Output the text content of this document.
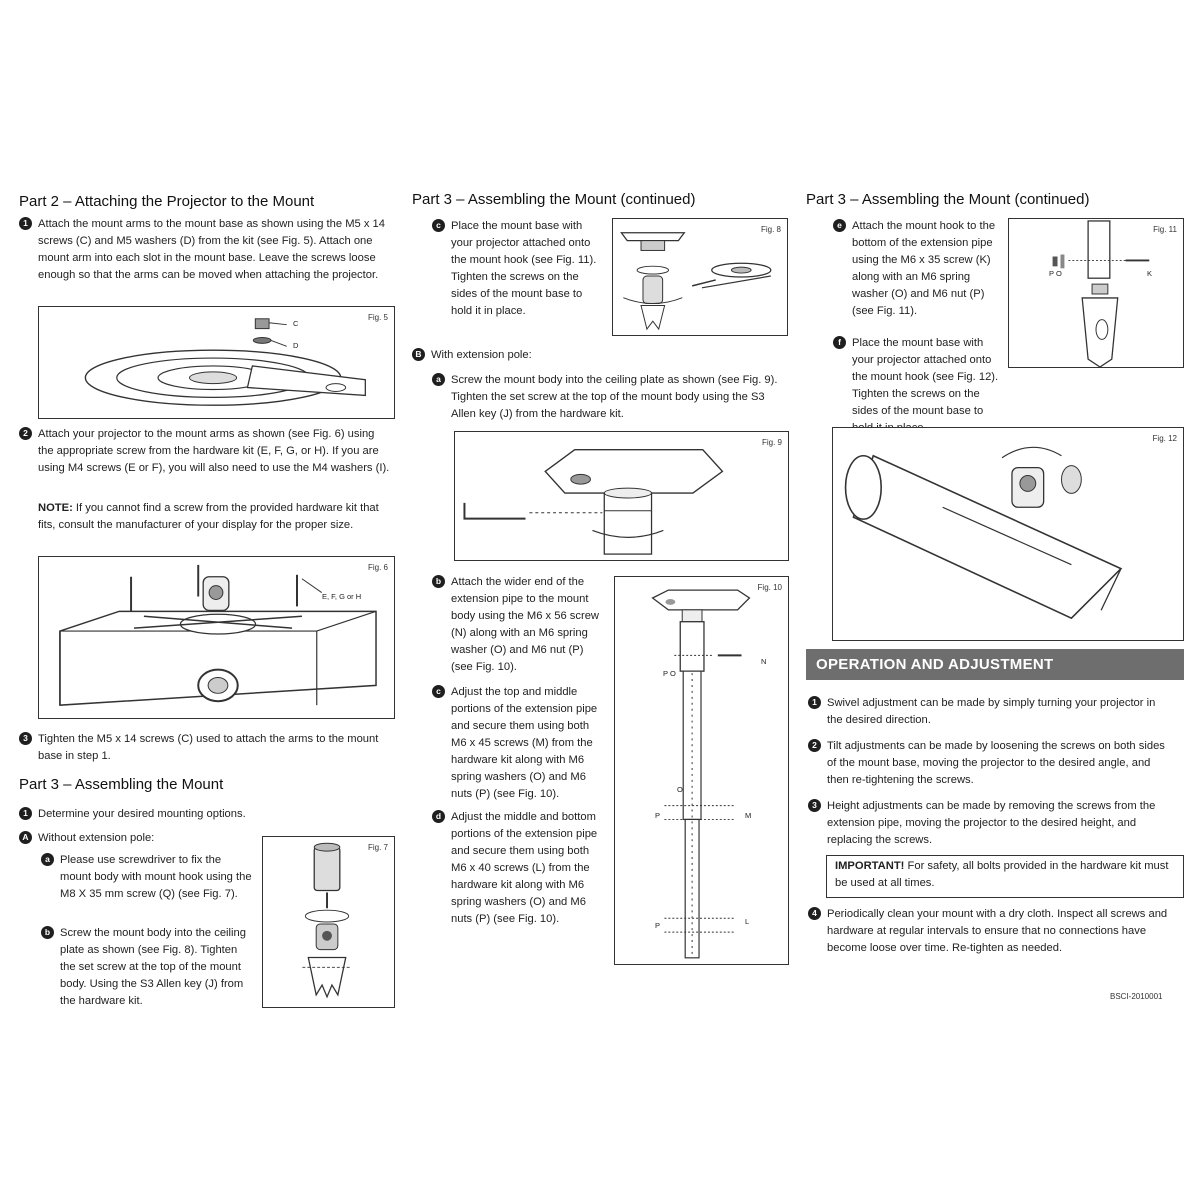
Part 2 – Attaching the Projector to the Mount
1 Attach the mount arms to the mount base as shown using the M5 x 14 screws (C) and M5 washers (D) from the kit (see Fig. 5). Attach one mount arm into each slot in the mount base. Leave the screws loose enough so that the arms can be moved when attaching the projector.
Fig. 5
C
D
2 Attach your projector to the mount arms as shown (see Fig. 6) using the appropriate screw from the hardware kit (E, F, G, or H). If you are using M4 screws (E or F), you will also need to use the M4 washers (I).
NOTE: If you cannot find a screw from the provided hardware kit that fits, consult the manufacturer of your display for the proper size.
Fig. 6
E, F, G or H
3 Tighten the M5 x 14 screws (C) used to attach the arms to the mount base in step 1.
Part 3 – Assembling the Mount
1 Determine your desired mounting options.
A Without extension pole:
a Please use screwdriver to fix the mount body with mount hook using the M8 X 35 mm screw (Q) (see Fig. 7).
b Screw the mount body into the ceiling plate as shown (see Fig. 8). Tighten the set screw at the top of the mount body. Using the S3 Allen key (J) from the hardware kit.
Fig. 7
Part 3 – Assembling the Mount (continued)
c Place the mount base with your projector attached onto the mount hook (see Fig. 11). Tighten the screws on the sides of the mount base to hold it in place.
Fig. 8
B With extension pole:
a Screw the mount body into the ceiling plate as shown (see Fig. 9). Tighten the set screw at the top of the mount body using the S3 Allen key (J) from the hardware kit.
Fig. 9
b Attach the wider end of the extension pipe to the mount body using the M6 x 56 screw (N) along with an M6 spring washer (O) and M6 nut (P) (see Fig. 10).
c Adjust the top and middle portions of the extension pipe and secure them using both M6 x 45 screws (M) from the hardware kit along with M6 spring washers (O) and M6 nuts (P) (see Fig. 10).
d Adjust the middle and bottom portions of the extension pipe and secure them using both M6 x 40 screws (L) from the hardware kit along with M6 spring washers (O) and M6 nuts (P) (see Fig. 10).
Fig. 10
N
P O
O
P	M
P	L
Part 3 – Assembling the Mount (continued)
e Attach the mount hook to the bottom of the extension pipe using the M6 x 35 screw (K) along with an M6 spring washer (O) and M6 nut (P) (see Fig. 11).
Fig. 11
K
P O
f Place the mount base with your projector attached onto the mount hook (see Fig. 12). Tighten the screws on the sides of the mount base to
Fig. 12
OPERATION AND ADJUSTMENT
1 Swivel adjustment can be made by simply turning your projector in the desired direction.
2 Tilt adjustments can be made by loosening the screws on both sides of the mount base, moving the projector to the desired angle, and then re-tightening the screws.
3 Height adjustments can be made by removing the screws from the extension pipe, moving the projector to the desired height, and replacing the screws.
IMPORTANT! For safety, all bolts provided in the hardware kit must be used at all times.
4 Periodically clean your mount with a dry cloth. Inspect all screws and hardware at regular intervals to ensure that no connections have become loose over time. Re-tighten as needed.
BSCI-2010001
